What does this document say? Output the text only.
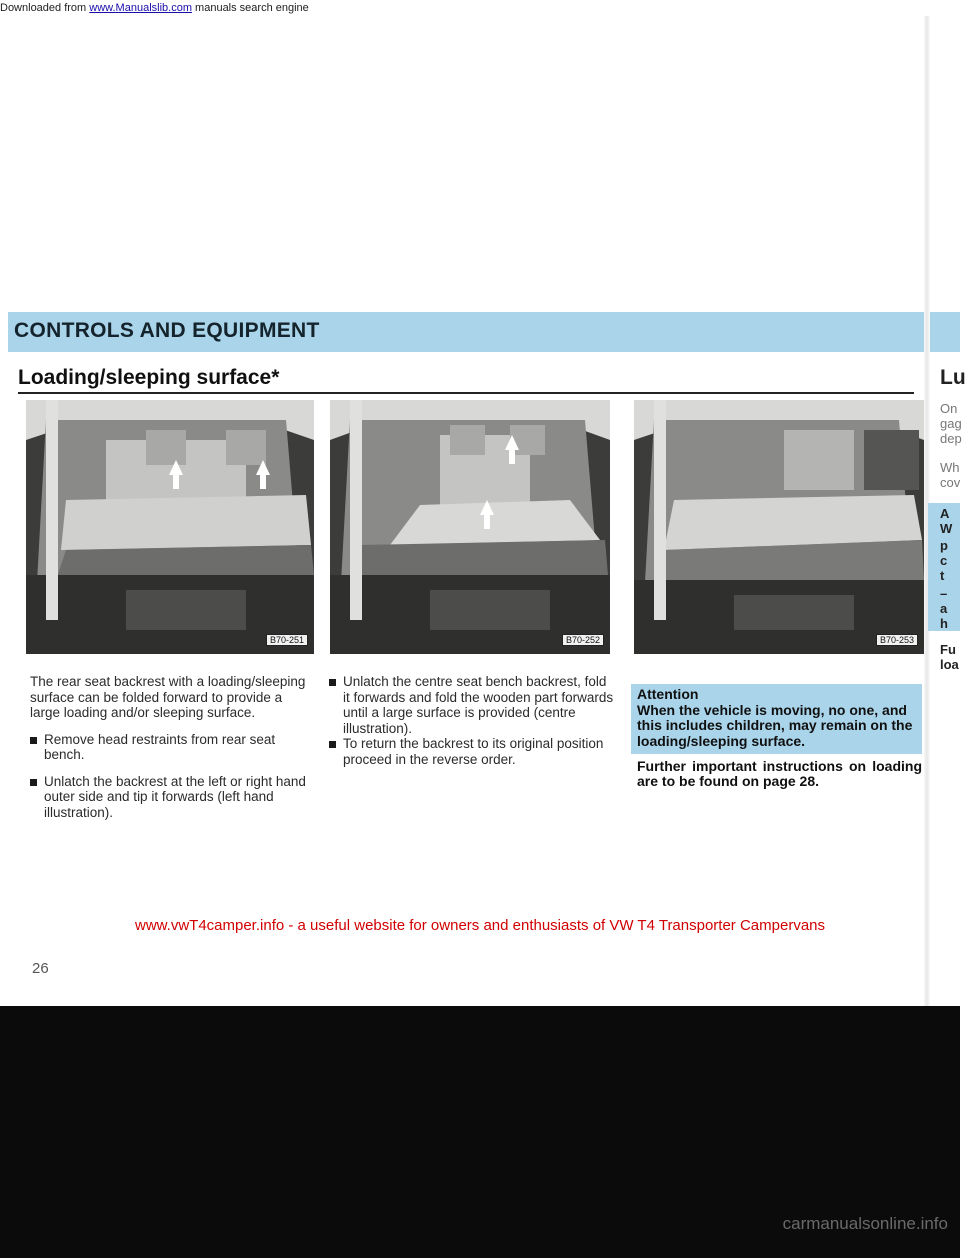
CONTROLS AND EQUIPMENT
Loading/sleeping surface*
B70-251	B70-252	B70-253

The rear seat backrest with a loading/sleeping surface can be folded forward to provide a large loading and/or sleeping surface.

Remove head restraints from rear seat bench.

Unlatch the backrest at the left or right hand outer side and tip it forwards (left hand illustration).

Unlatch the centre seat bench backrest, fold it forwards and fold the wooden part forwards until a large surface is provided (centre illustration).

To return the backrest to its original position proceed in the reverse order.

Attention
When the vehicle is moving, no one, and this includes children, may remain on the loading/sleeping surface.
Further important instructions on loading are to be found on page 28.
www.vwT4camper.info - a useful website for owners and enthusiasts of VW T4 Transporter Campervans
26
Lu
On
gag
dep
Wh
cov
A
W
p
c
t
–
a
h
Fu
loa
carmanualsonline.info
Downloaded from www.Manualslib.com manuals search engine
